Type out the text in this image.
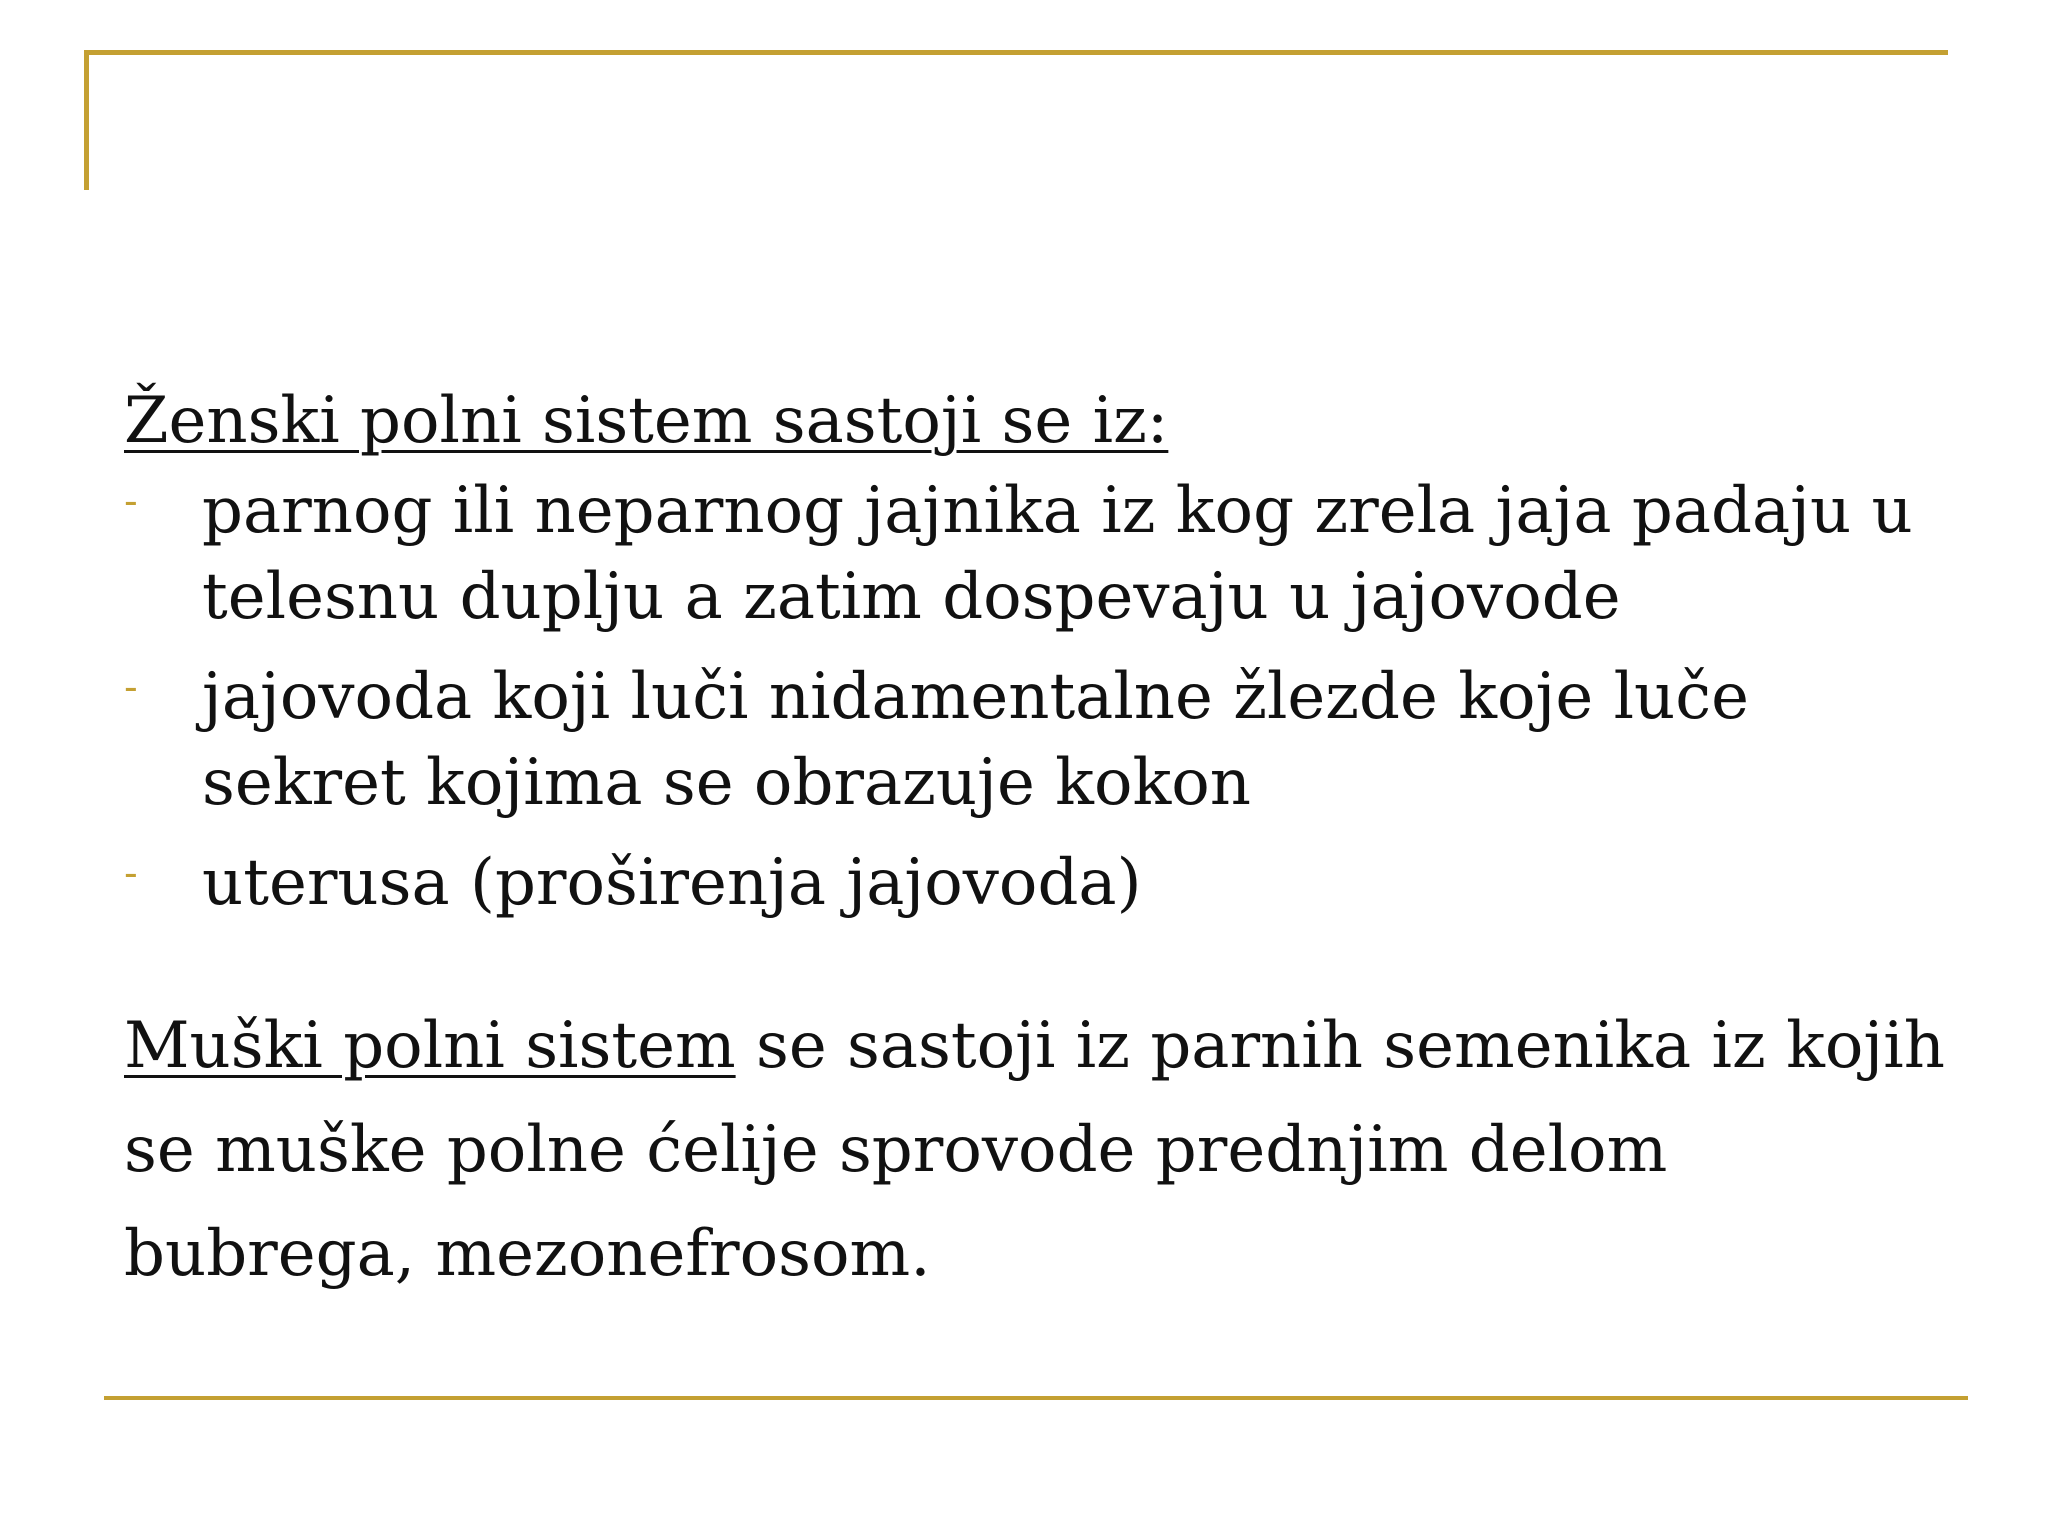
Ženski polni sistem sastoji se iz:
- parnog ili neparnog jajnika iz kog zrela jaja padaju u telesnu duplju a zatim dospevaju u jajovode
- jajovoda koji luči nidamentalne žlezde koje luče sekret kojima se obrazuje kokon
- uterusa (proširenja jajovoda)
Muški polni sistem se sastoji iz parnih semenika iz kojih se muške polne ćelije sprovode prednjim delom bubrega, mezonefrosom.
